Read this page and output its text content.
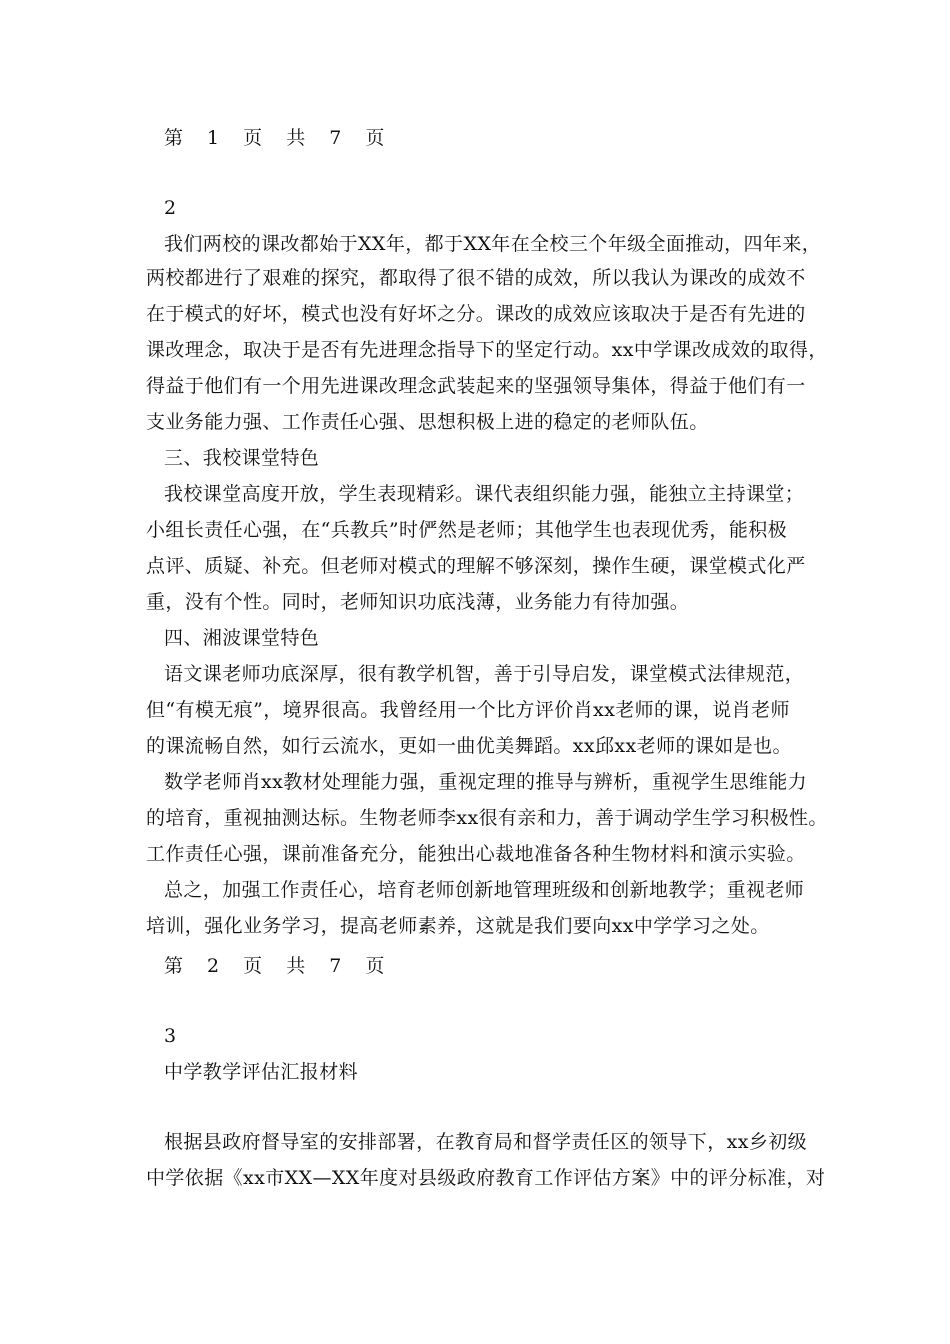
第 1 页 共 7 页
2
我们两校的课改都始于XX年，都于XX年在全校三个年级全面推动，四年来，
两校都进行了艰难的探究，都取得了很不错的成效，所以我认为课改的成效不
在于模式的好坏，模式也没有好坏之分。课改的成效应该取决于是否有先进的
课改理念，取决于是否有先进理念指导下的坚定行动。xx中学课改成效的取得，
得益于他们有一个用先进课改理念武装起来的坚强领导集体，得益于他们有一
支业务能力强、工作责任心强、思想积极上进的稳定的老师队伍。
三、我校课堂特色
我校课堂高度开放，学生表现精彩。课代表组织能力强，能独立主持课堂；
小组长责任心强，在“兵教兵”时俨然是老师；其他学生也表现优秀，能积极
点评、质疑、补充。但老师对模式的理解不够深刻，操作生硬，课堂模式化严
重，没有个性。同时，老师知识功底浅薄，业务能力有待加强。
四、湘波课堂特色
语文课老师功底深厚，很有教学机智，善于引导启发，课堂模式法律规范，
但“有模无痕”，境界很高。我曾经用一个比方评价肖xx老师的课，说肖老师
的课流畅自然，如行云流水，更如一曲优美舞蹈。xx邱xx老师的课如是也。
数学老师肖xx教材处理能力强，重视定理的推导与辨析，重视学生思维能力
的培育，重视抽测达标。生物老师李xx很有亲和力，善于调动学生学习积极性。
工作责任心强，课前准备充分，能独出心裁地准备各种生物材料和演示实验。
总之，加强工作责任心，培育老师创新地管理班级和创新地教学；重视老师
培训，强化业务学习，提高老师素养，这就是我们要向xx中学学习之处。
第 2 页 共 7 页
3
中学教学评估汇报材料
根据县政府督导室的安排部署，在教育局和督学责任区的领导下，xx乡初级
中学依据《xx市XX—XX年度对县级政府教育工作评估方案》中的评分标准，对
